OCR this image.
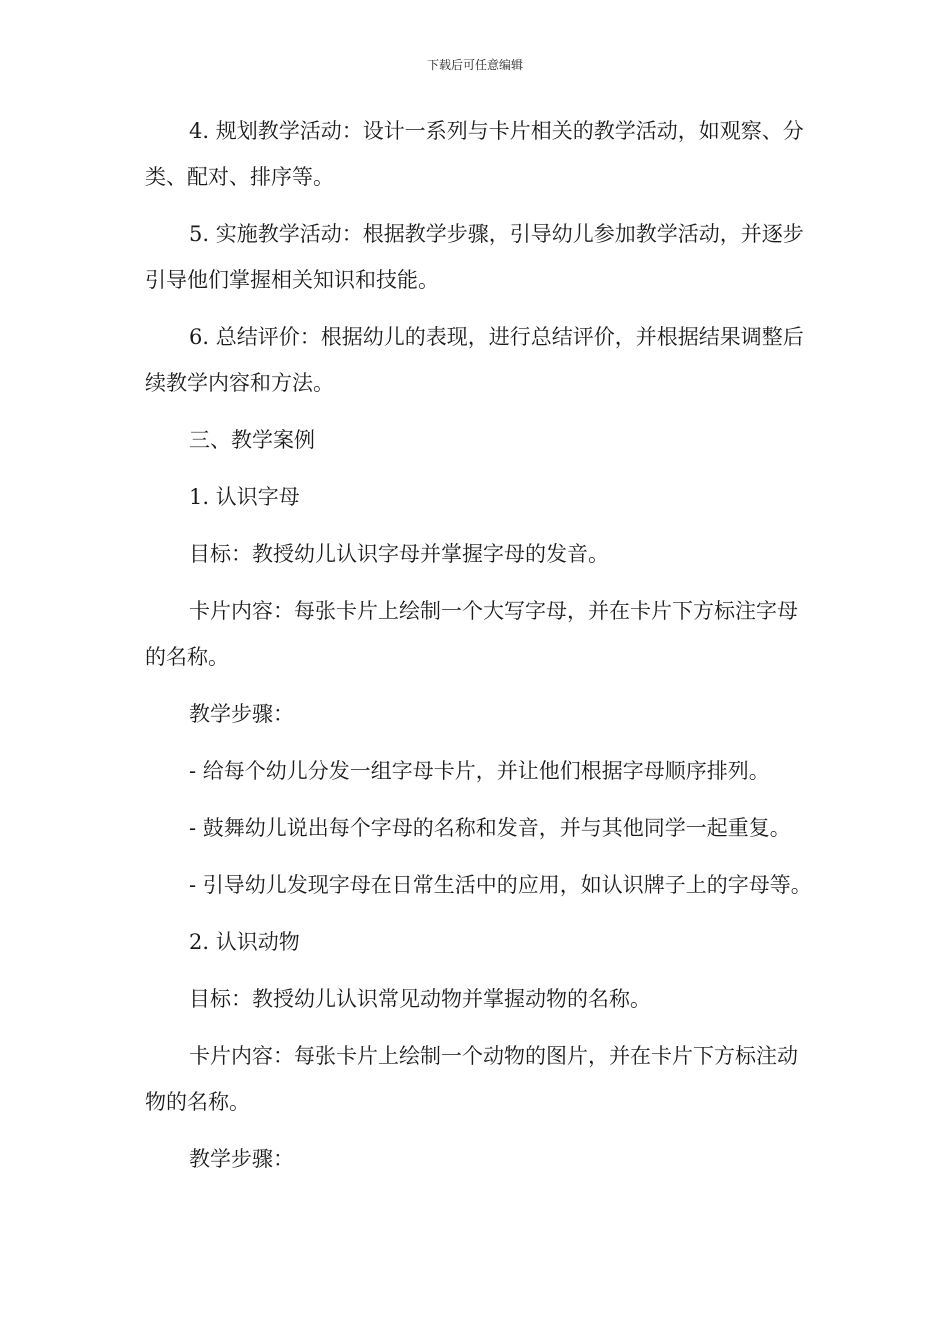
下载后可任意编辑

4. 规划教学活动：设计一系列与卡片相关的教学活动，如观察、分类、配对、排序等。

5. 实施教学活动：根据教学步骤，引导幼儿参加教学活动，并逐步引导他们掌握相关知识和技能。

6. 总结评价：根据幼儿的表现，进行总结评价，并根据结果调整后续教学内容和方法。

三、教学案例

1. 认识字母

目标：教授幼儿认识字母并掌握字母的发音。

卡片内容：每张卡片上绘制一个大写字母，并在卡片下方标注字母的名称。

教学步骤：

- 给每个幼儿分发一组字母卡片，并让他们根据字母顺序排列。

- 鼓舞幼儿说出每个字母的名称和发音，并与其他同学一起重复。

- 引导幼儿发现字母在日常生活中的应用，如认识牌子上的字母等。

2. 认识动物

目标：教授幼儿认识常见动物并掌握动物的名称。

卡片内容：每张卡片上绘制一个动物的图片，并在卡片下方标注动物的名称。

教学步骤：
